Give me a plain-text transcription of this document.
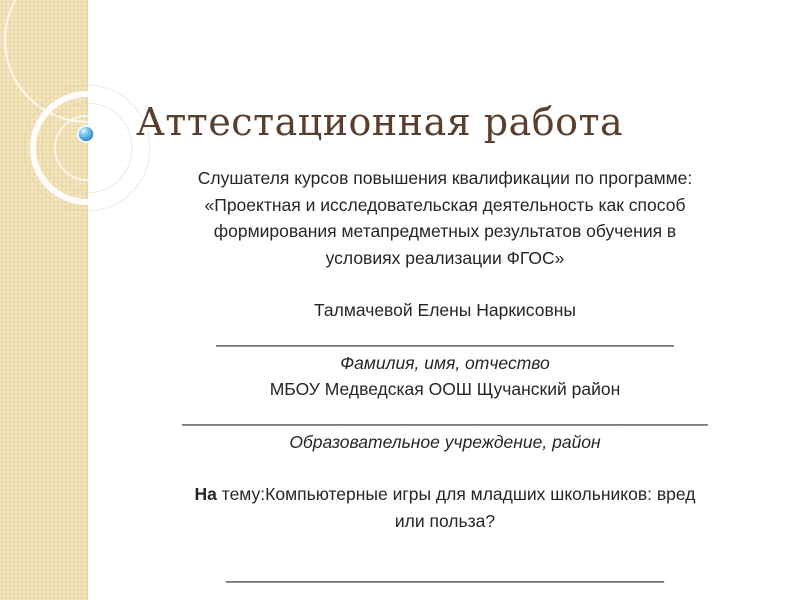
Аттестационная работа

Слушателя курсов повышения квалификации по программе:

«Проектная и исследовательская деятельность как способ

формирования метапредметных результатов обучения в

условиях реализации ФГОС»

Талмачевой Елены Наркисовны

_______________________________________________

Фамилия, имя, отчество

МБОУ Медведская ООШ Щучанский район

______________________________________________________

Образовательное учреждение, район

На тему:Компьютерные игры для младших школьников: вред

или польза?

_____________________________________________
